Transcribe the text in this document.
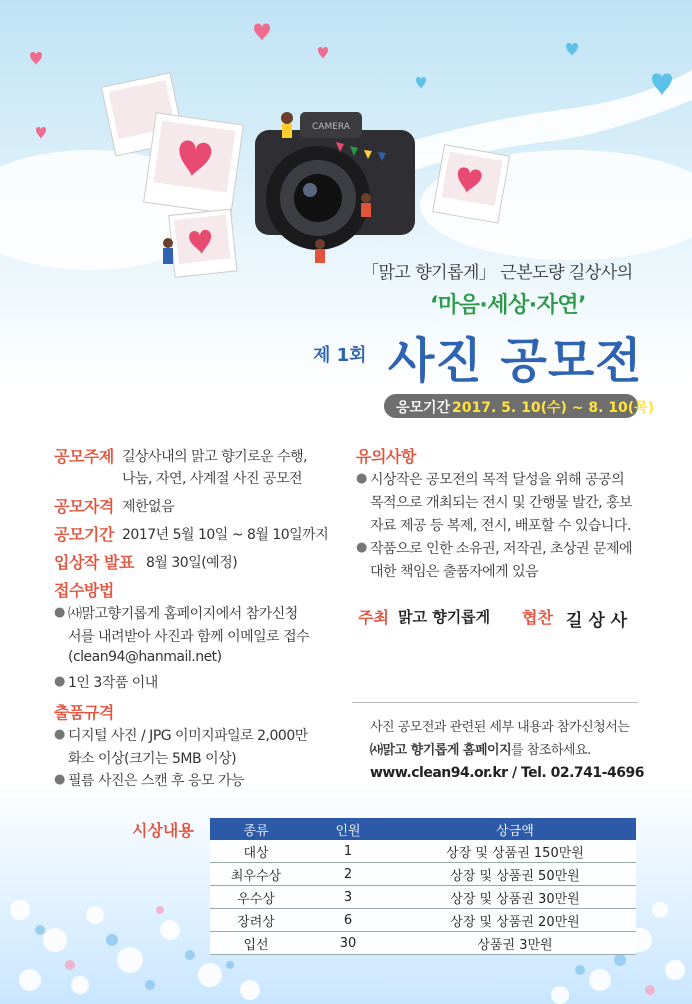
CAMERA
「맑고 향기롭게」 근본도량 길상사의
‘마음·세상·자연’
제 1회 사진 공모전
응모기간 2017. 5. 10(수) ~ 8. 10(목)
공모주제 길상사내의 맑고 향기로운 수행,
나눔, 자연, 사계절 사진 공모전
공모자격 제한없음
공모기간 2017년 5월 10일 ~ 8월 10일까지
입상작 발표 8월 30일(예정)
접수방법
● ㈔맑고향기롭게 홈페이지에서 참가신청
서를 내려받아 사진과 함께 이메일로 접수
(clean94@hanmail.net)
● 1인 3작품 이내
출품규격
● 디지털 사진 / JPG 이미지파일로 2,000만
화소 이상(크기는 5MB 이상)
● 필름 사진은 스캔 후 응모 가능
유의사항
● 시상작은 공모전의 목적 달성을 위해 공공의
목적으로 개최되는 전시 및 간행물 발간, 홍보
자료 제공 등 복제, 전시, 배포할 수 있습니다.
● 작품으로 인한 소유권, 저작권, 초상권 문제에
대한 책임은 출품자에게 있음
주최 맑고 향기롭게 협찬 길 상 사
사진 공모전과 관련된 세부 내용과 참가신청서는
㈔맑고 향기롭게 홈페이지를 참조하세요.
www.clean94.or.kr / Tel. 02.741-4696
시상내용	종류	인원	상금액
대상	1	상장 및 상품권 150만원
최우수상	2	상장 및 상품권 50만원
우수상	3	상장 및 상품권 30만원
장려상	6	상장 및 상품권 20만원
입선	30	상품권 3만원
